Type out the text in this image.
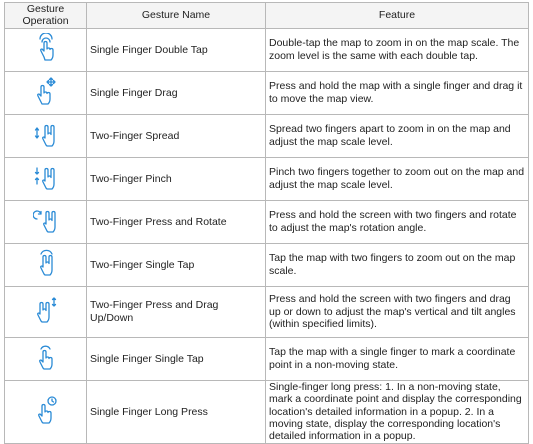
Gesture Operation	Gesture Name	Feature

	Single Finger Double Tap	Double-tap the map to zoom in on the map scale. The zoom level is the same with each double tap.

	Single Finger Drag	Press and hold the map with a single finger and drag it to move the map view.

	Two-Finger Spread	Spread two fingers apart to zoom in on the map and adjust the map scale level.

	Two-Finger Pinch	Pinch two fingers together to zoom out on the map and adjust the map scale level.

	Two-Finger Press and Rotate	Press and hold the screen with two fingers and rotate to adjust the map's rotation angle.

	Two-Finger Single Tap	Tap the map with two fingers to zoom out on the map scale.

	Two-Finger Press and Drag Up/Down	Press and hold the screen with two fingers and drag up or down to adjust the map's vertical and tilt angles (within specified limits).

	Single Finger Single Tap	Tap the map with a single finger to mark a coordinate point in a non-moving state.

	Single Finger Long Press	Single-finger long press: 1. In a non-moving state, mark a coordinate point and display the corresponding location's detailed information in a popup. 2. In a moving state, display the corresponding location's detailed information in a popup.
